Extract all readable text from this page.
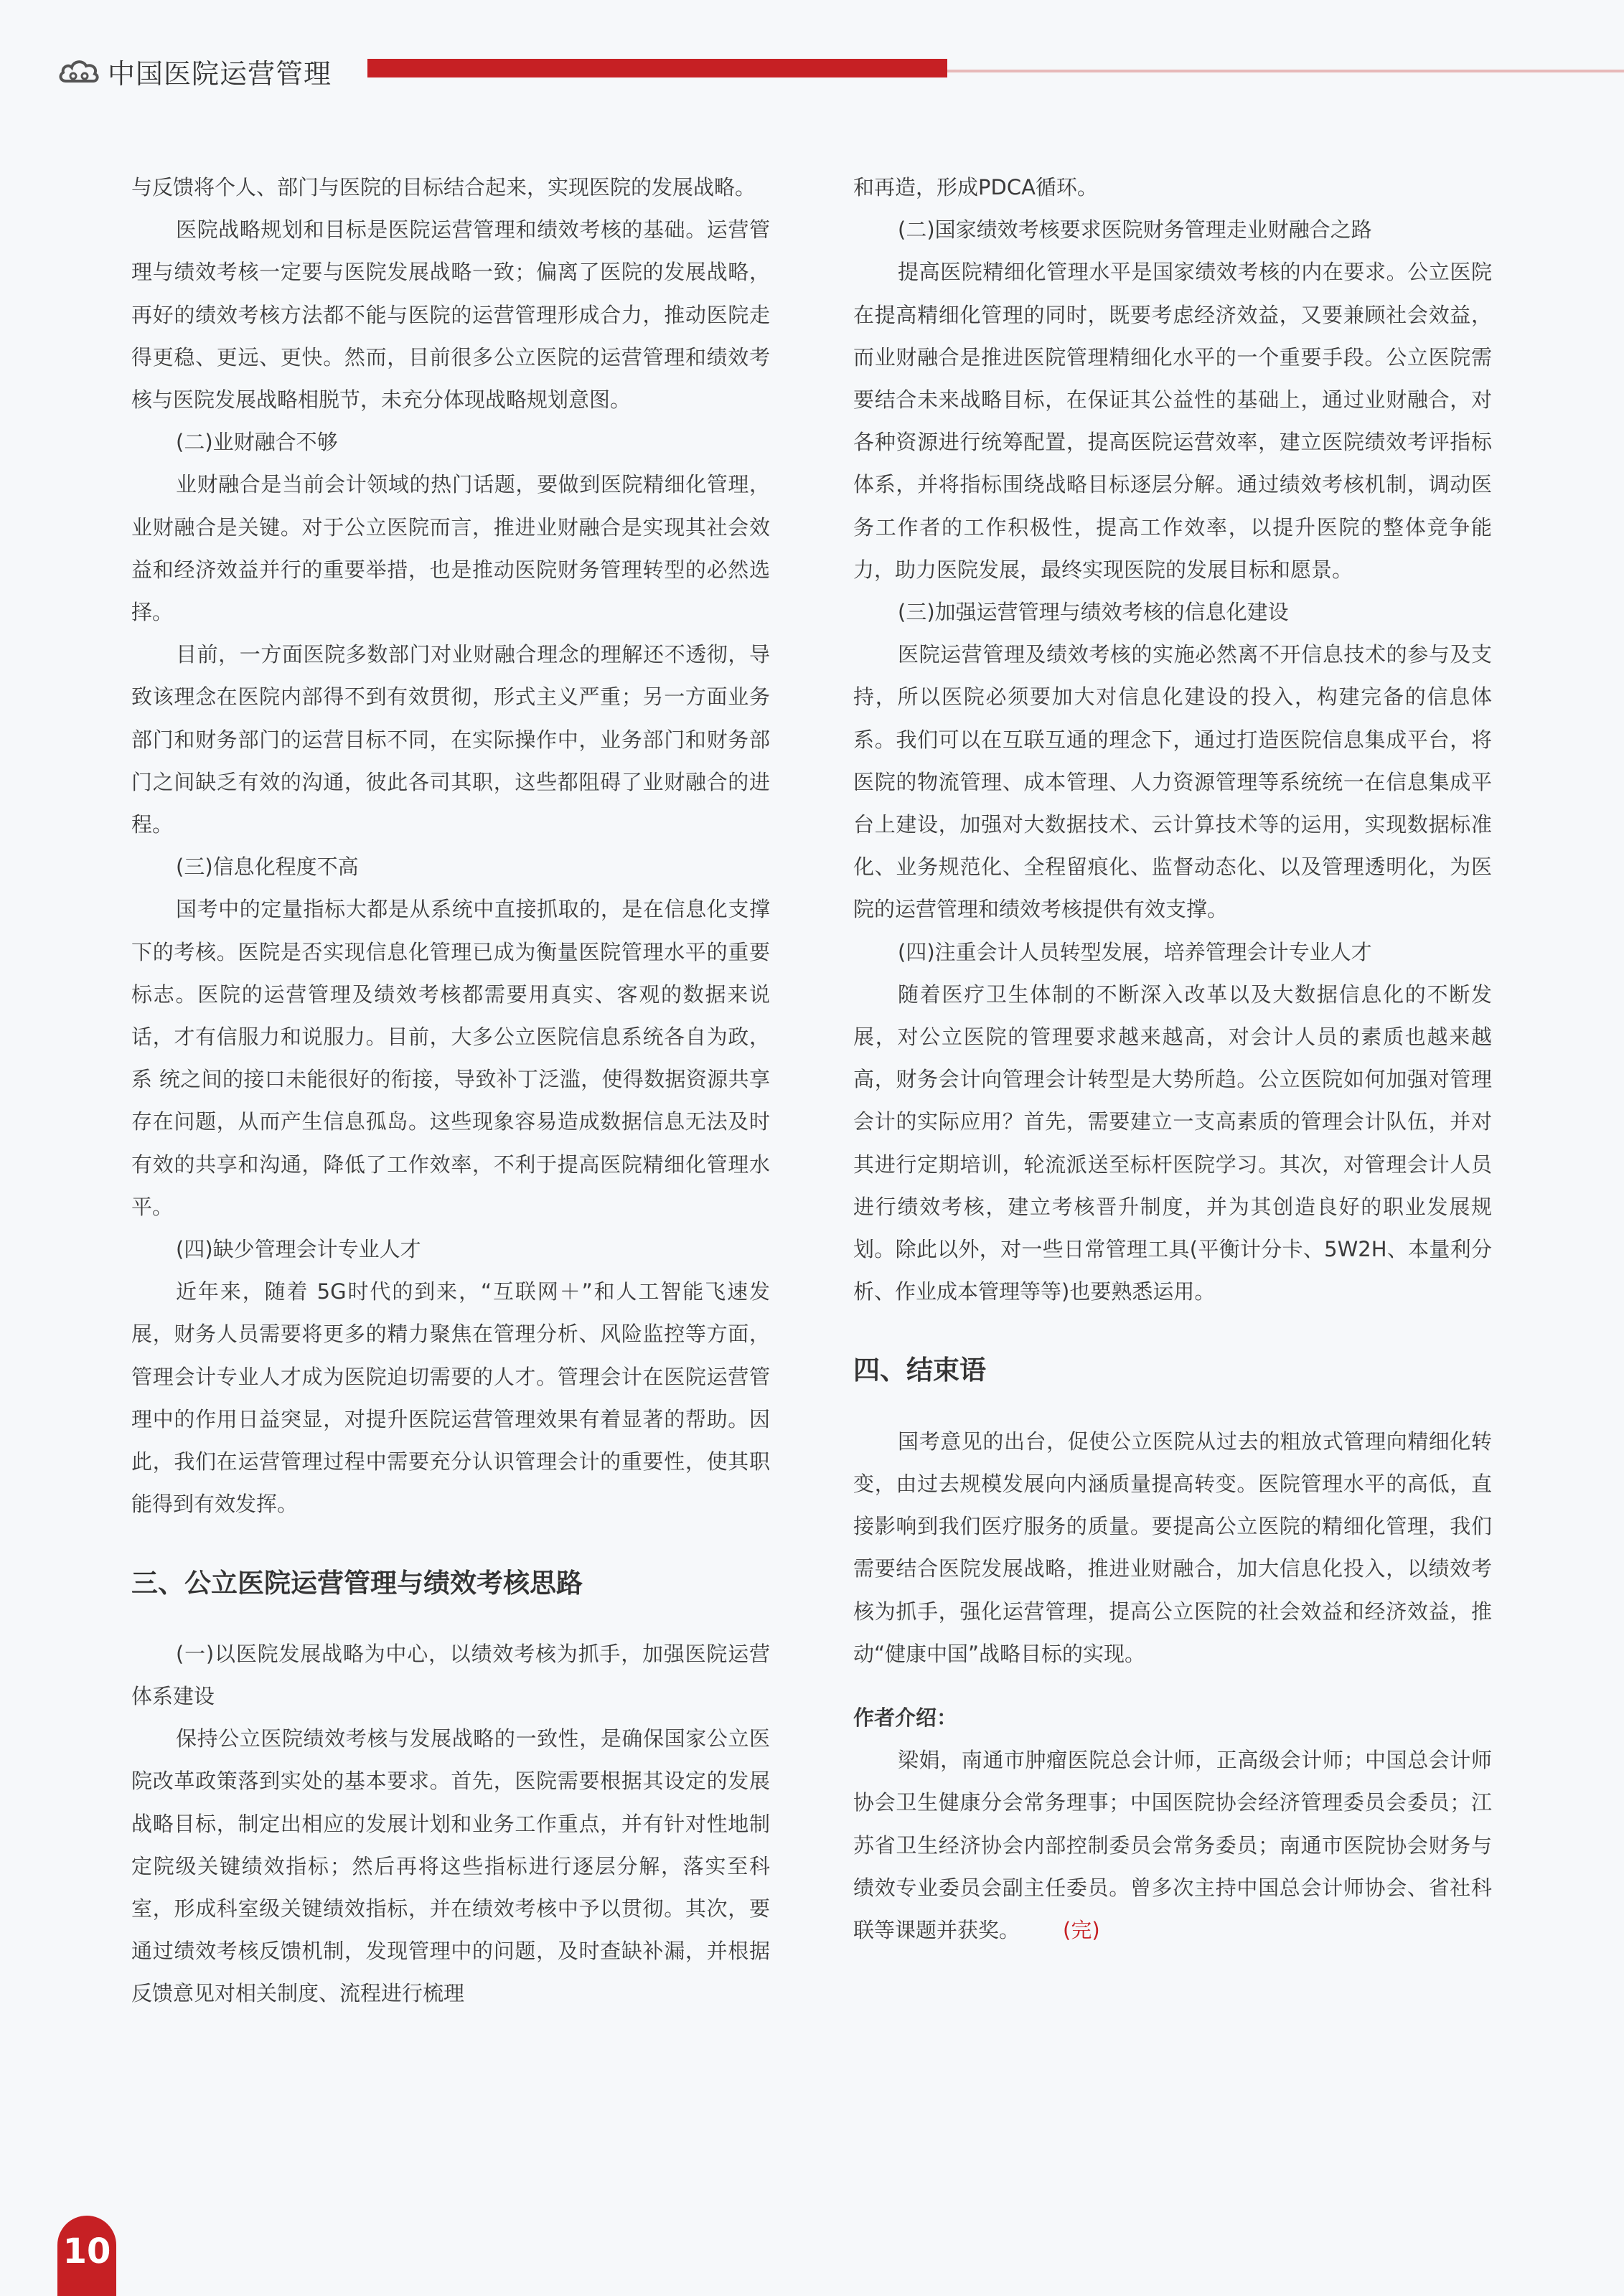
中国医院运营管理

与反馈将个人、部门与医院的目标结合起来，实现医院的发展战略。

医院战略规划和目标是医院运营管理和绩效考核的基础。运营管理与绩效考核一定要与医院发展战略一致；偏离了医院的发展战略，再好的绩效考核方法都不能与医院的运营管理形成合力，推动医院走得更稳、更远、更快。然而，目前很多公立医院的运营管理和绩效考核与医院发展战略相脱节，未充分体现战略规划意图。

(二)业财融合不够

业财融合是当前会计领域的热门话题，要做到医院精细化管理，业财融合是关键。对于公立医院而言，推进业财融合是实现其社会效益和经济效益并行的重要举措，也是推动医院财务管理转型的必然选择。

目前，一方面医院多数部门对业财融合理念的理解还不透彻，导致该理念在医院内部得不到有效贯彻，形式主义严重；另一方面业务部门和财务部门的运营目标不同，在实际操作中，业务部门和财务部门之间缺乏有效的沟通，彼此各司其职，这些都阻碍了业财融合的进程。

(三)信息化程度不高

国考中的定量指标大都是从系统中直接抓取的，是在信息化支撑下的考核。医院是否实现信息化管理已成为衡量医院管理水平的重要标志。医院的运营管理及绩效考核都需要用真实、客观的数据来说话，才有信服力和说服力。目前，大多公立医院信息系统各自为政，系 统之间的接口未能很好的衔接，导致补丁泛滥，使得数据资源共享存在问题，从而产生信息孤岛。这些现象容易造成数据信息无法及时有效的共享和沟通，降低了工作效率，不利于提高医院精细化管理水平。

(四)缺少管理会计专业人才

近年来，随着 5G时代的到来，“互联网＋”和人工智能飞速发展，财务人员需要将更多的精力聚焦在管理分析、风险监控等方面，管理会计专业人才成为医院迫切需要的人才。管理会计在医院运营管理中的作用日益突显，对提升医院运营管理效果有着显著的帮助。因此，我们在运营管理过程中需要充分认识管理会计的重要性，使其职能得到有效发挥。

三、公立医院运营管理与绩效考核思路

(一)以医院发展战略为中心，以绩效考核为抓手，加强医院运营体系建设

保持公立医院绩效考核与发展战略的一致性，是确保国家公立医院改革政策落到实处的基本要求。首先，医院需要根据其设定的发展战略目标，制定出相应的发展计划和业务工作重点，并有针对性地制定院级关键绩效指标；然后再将这些指标进行逐层分解，落实至科室，形成科室级关键绩效指标，并在绩效考核中予以贯彻。其次，要通过绩效考核反馈机制，发现管理中的问题，及时查缺补漏，并根据反馈意见对相关制度、流程进行梳理

和再造，形成PDCA循环。

(二)国家绩效考核要求医院财务管理走业财融合之路

提高医院精细化管理水平是国家绩效考核的内在要求。公立医院在提高精细化管理的同时，既要考虑经济效益，又要兼顾社会效益，而业财融合是推进医院管理精细化水平的一个重要手段。公立医院需要结合未来战略目标，在保证其公益性的基础上，通过业财融合，对各种资源进行统筹配置，提高医院运营效率，建立医院绩效考评指标体系，并将指标围绕战略目标逐层分解。通过绩效考核机制，调动医务工作者的工作积极性，提高工作效率，以提升医院的整体竞争能力，助力医院发展，最终实现医院的发展目标和愿景。

(三)加强运营管理与绩效考核的信息化建设

医院运营管理及绩效考核的实施必然离不开信息技术的参与及支持，所以医院必须要加大对信息化建设的投入，构建完备的信息体系。我们可以在互联互通的理念下，通过打造医院信息集成平台，将医院的物流管理、成本管理、人力资源管理等系统统一在信息集成平台上建设，加强对大数据技术、云计算技术等的运用，实现数据标准化、业务规范化、全程留痕化、监督动态化、以及管理透明化，为医院的运营管理和绩效考核提供有效支撑。

(四)注重会计人员转型发展，培养管理会计专业人才

随着医疗卫生体制的不断深入改革以及大数据信息化的不断发展，对公立医院的管理要求越来越高，对会计人员的素质也越来越高，财务会计向管理会计转型是大势所趋。公立医院如何加强对管理会计的实际应用？首先，需要建立一支高素质的管理会计队伍，并对其进行定期培训，轮流派送至标杆医院学习。其次，对管理会计人员进行绩效考核，建立考核晋升制度，并为其创造良好的职业发展规划。除此以外，对一些日常管理工具(平衡计分卡、5W2H、本量利分析、作业成本管理等等)也要熟悉运用。

四、结束语

国考意见的出台，促使公立医院从过去的粗放式管理向精细化转变，由过去规模发展向内涵质量提高转变。医院管理水平的高低，直接影响到我们医疗服务的质量。要提高公立医院的精细化管理，我们需要结合医院发展战略，推进业财融合，加大信息化投入，以绩效考核为抓手，强化运营管理，提高公立医院的社会效益和经济效益，推动“健康中国”战略目标的实现。

作者介绍：

梁娟，南通市肿瘤医院总会计师，正高级会计师；中国总会计师协会卫生健康分会常务理事；中国医院协会经济管理委员会委员；江苏省卫生经济协会内部控制委员会常务委员；南通市医院协会财务与绩效专业委员会副主任委员。曾多次主持中国总会计师协会、省社科联等课题并获奖。 (完)

10
